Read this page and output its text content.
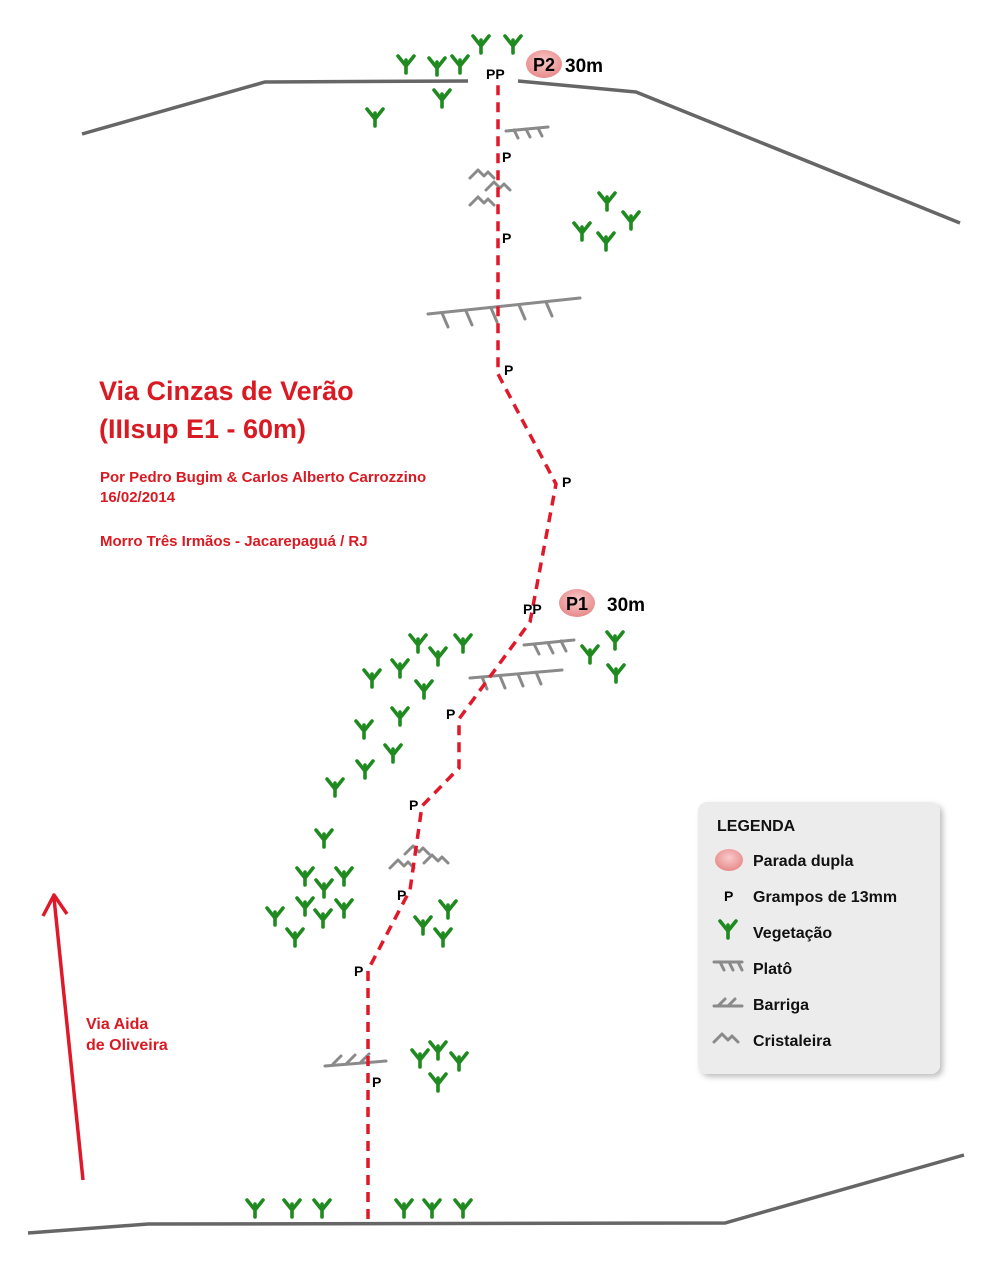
Via Aida
de Oliveira
P
P
P
P
P
PP
P
P
P
P
PP P2 30m
P1 30m
Via Cinzas de Verão
(IIIsup E1 - 60m)
Por Pedro Bugim & Carlos Alberto Carrozzino
16/02/2014
Morro Três Irmãos - Jacarepaguá / RJ
LEGENDA
Parada dupla
P Grampos de 13mm
Vegetação
Platô
Barriga
Cristaleira
